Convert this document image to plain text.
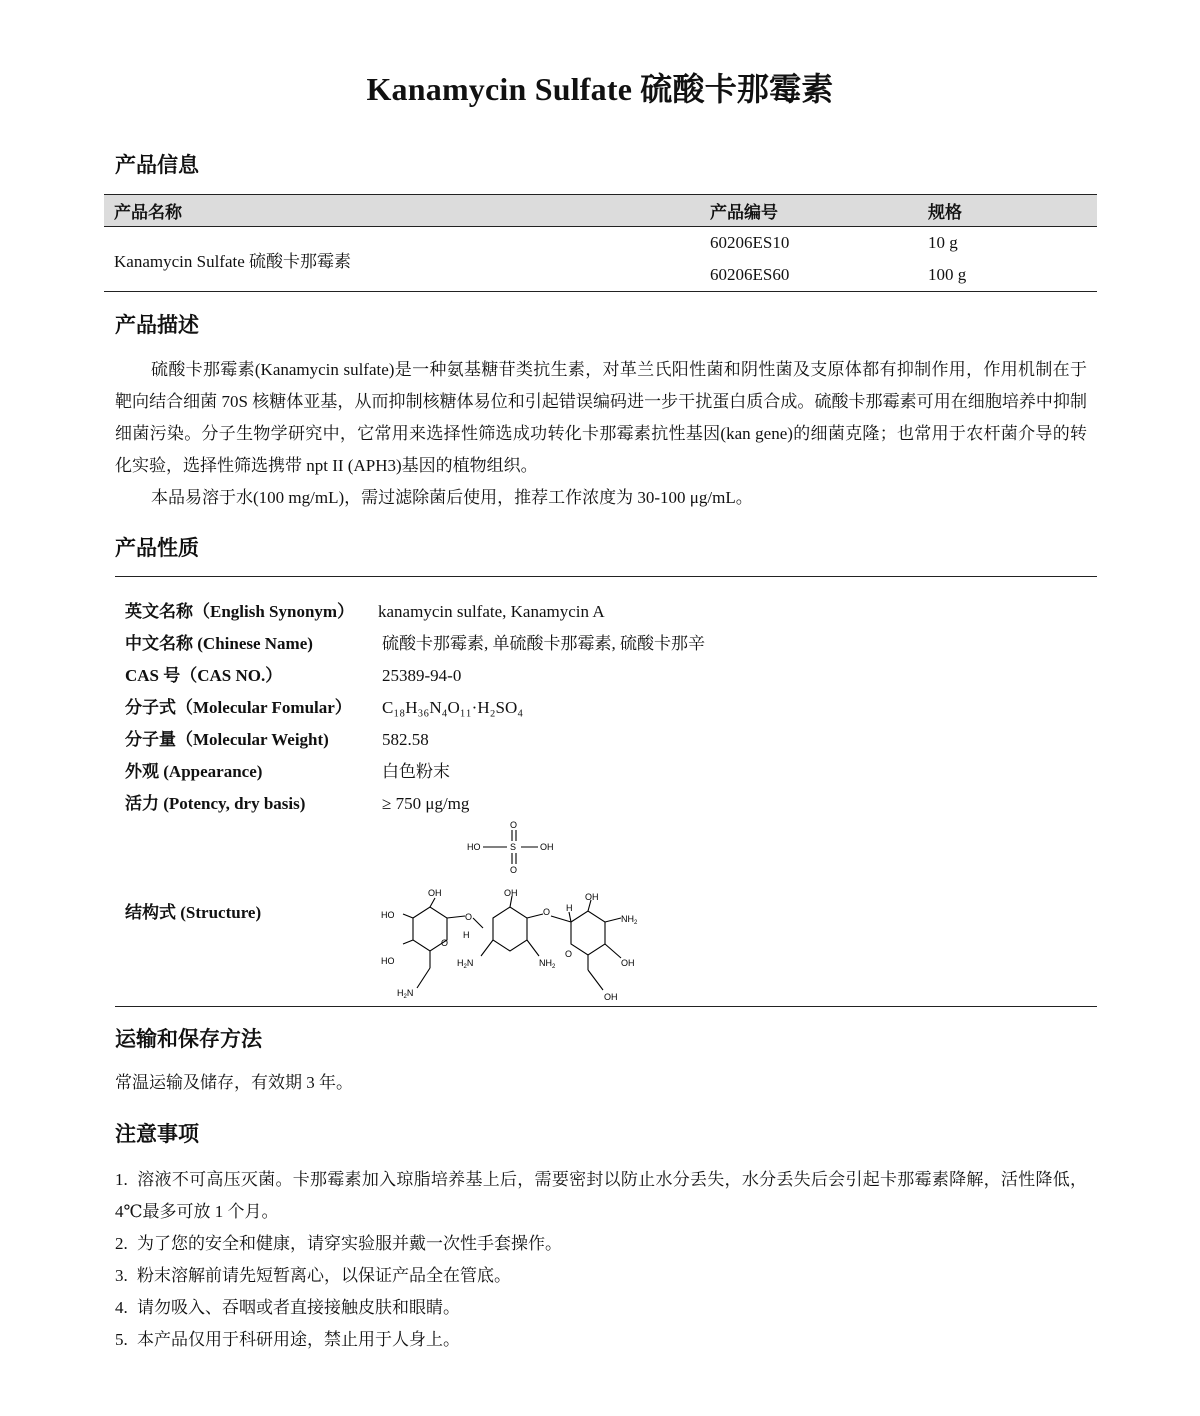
Kanamycin Sulfate 硫酸卡那霉素
产品信息
产品名称	产品编号	规格
Kanamycin Sulfate 硫酸卡那霉素	60206ES10	10 g
	60206ES60	100 g
产品描述

硫酸卡那霉素(Kanamycin sulfate)是一种氨基糖苷类抗生素，对革兰氏阳性菌和阴性菌及支原体都有抑制作用，作用机制在于靶向结合细菌 70S 核糖体亚基，从而抑制核糖体易位和引起错误编码进一步干扰蛋白质合成。硫酸卡那霉素可用在细胞培养中抑制细菌污染。分子生物学研究中，它常用来选择性筛选成功转化卡那霉素抗性基因(kan gene)的细菌克隆；也常用于农杆菌介导的转化实验，选择性筛选携带 npt II (APH3)基因的植物组织。

本品易溶于水(100 mg/mL)，需过滤除菌后使用，推荐工作浓度为 30-100 μg/mL。

产品性质
英文名称（English Synonym） kanamycin sulfate, Kanamycin A
中文名称 (Chinese Name)	硫酸卡那霉素, 单硫酸卡那霉素, 硫酸卡那辛
CAS 号（CAS NO.）	25389-94-0
分子式（Molecular Fomular） C₁₈H₃₆N₄O₁₁·H₂SO₄
分子量（Molecular Weight)	582.58
外观 (Appearance)	白色粉末
活力 (Potency, dry basis)	≥ 750 μg/mg
结构式 (Structure)
HO	S	OH
O
O
OH
HO
HO
O
O
H
$H_2N$
OH
O
$H_2N$	$NH_2$
H
OH
$NH_2$
O
OH
OH
运输和保存方法

常温运输及储存，有效期 3 年。

注意事项

1. 溶液不可高压灭菌。卡那霉素加入琼脂培养基上后，需要密封以防止水分丢失，水分丢失后会引起卡那霉素降解，活性降低，4℃最多可放 1 个月。

2. 为了您的安全和健康，请穿实验服并戴一次性手套操作。

3. 粉末溶解前请先短暂离心，以保证产品全在管底。

4. 请勿吸入、吞咽或者直接接触皮肤和眼睛。

5. 本产品仅用于科研用途，禁止用于人身上。
